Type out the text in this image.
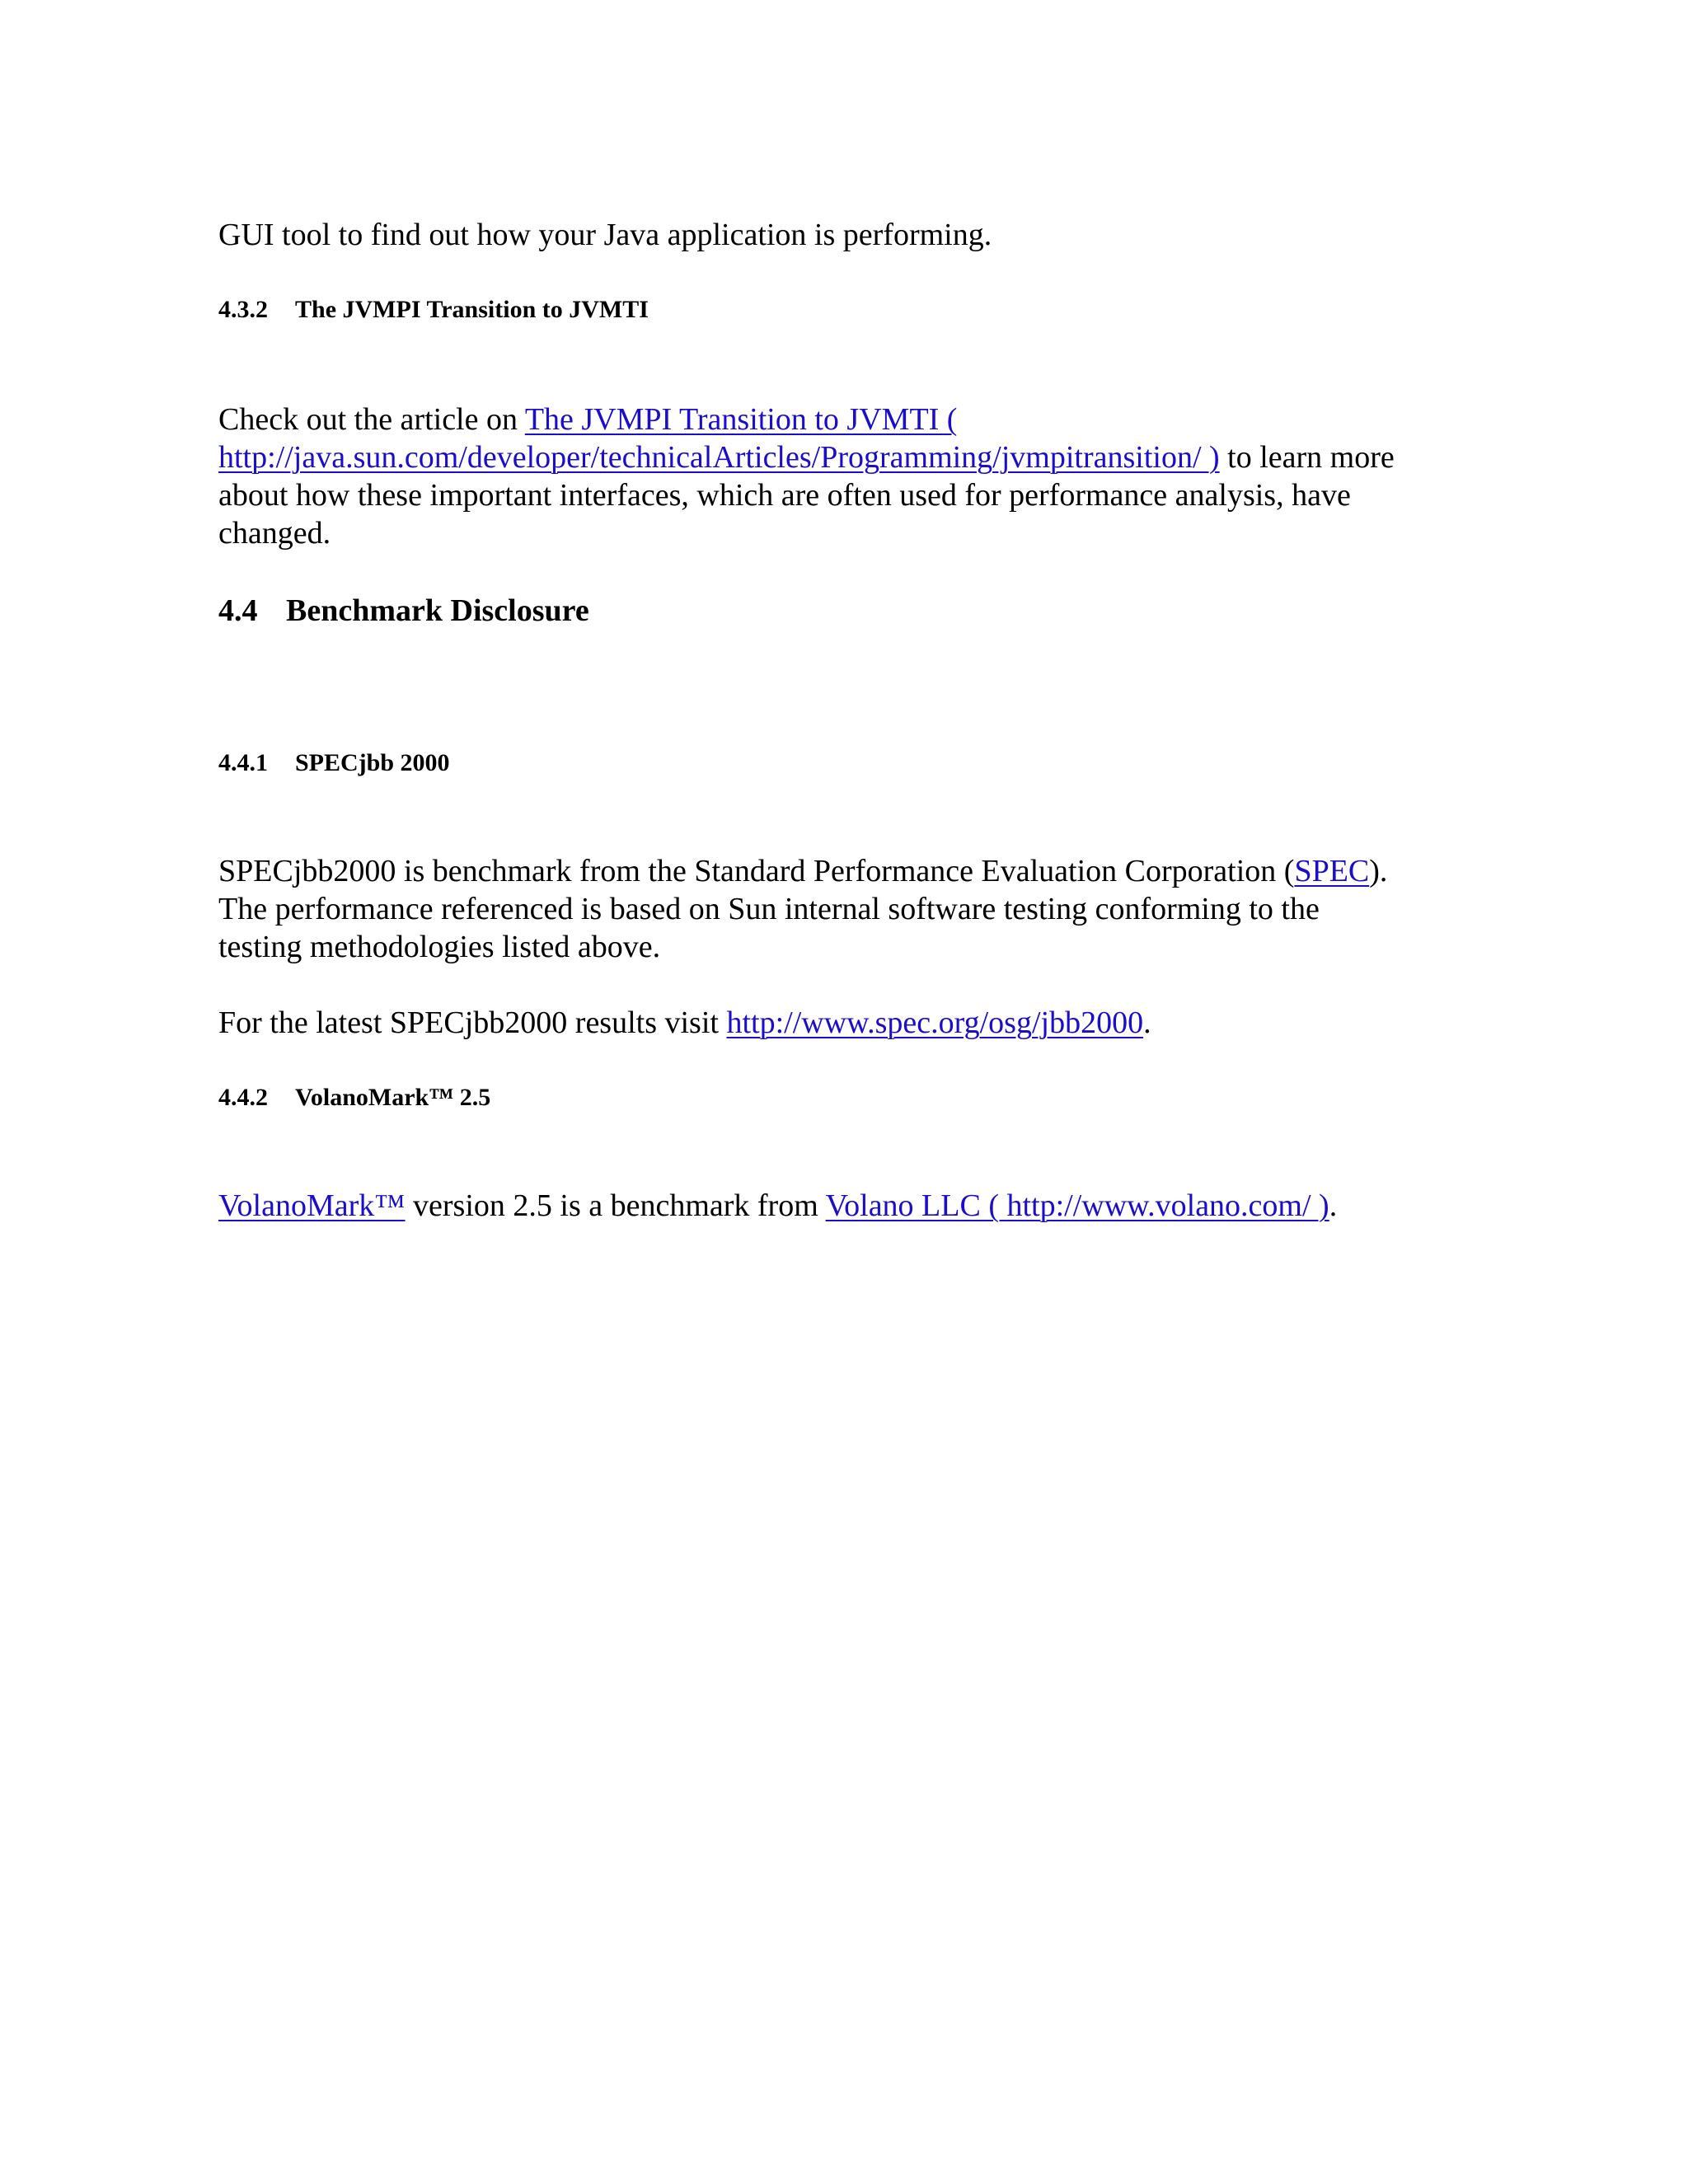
GUI tool to find out how your Java application is performing.

4.3.2 The JVMPI Transition to JVMTI
Check out the article on The JVMPI Transition to JVMTI (
http://java.sun.com/developer/technicalArticles/Programming/jvmpitransition/ ) to learn more
about how these important interfaces, which are often used for performance analysis, have
changed.
4.4 Benchmark Disclosure
4.4.1 SPECjbb 2000
SPECjbb2000 is benchmark from the Standard Performance Evaluation Corporation (SPEC).
The performance referenced is based on Sun internal software testing conforming to the
testing methodologies listed above.
For the latest SPECjbb2000 results visit http://www.spec.org/osg/jbb2000.
4.4.2 VolanoMark™ 2.5
VolanoMark™ version 2.5 is a benchmark from Volano LLC ( http://www.volano.com/ ).
